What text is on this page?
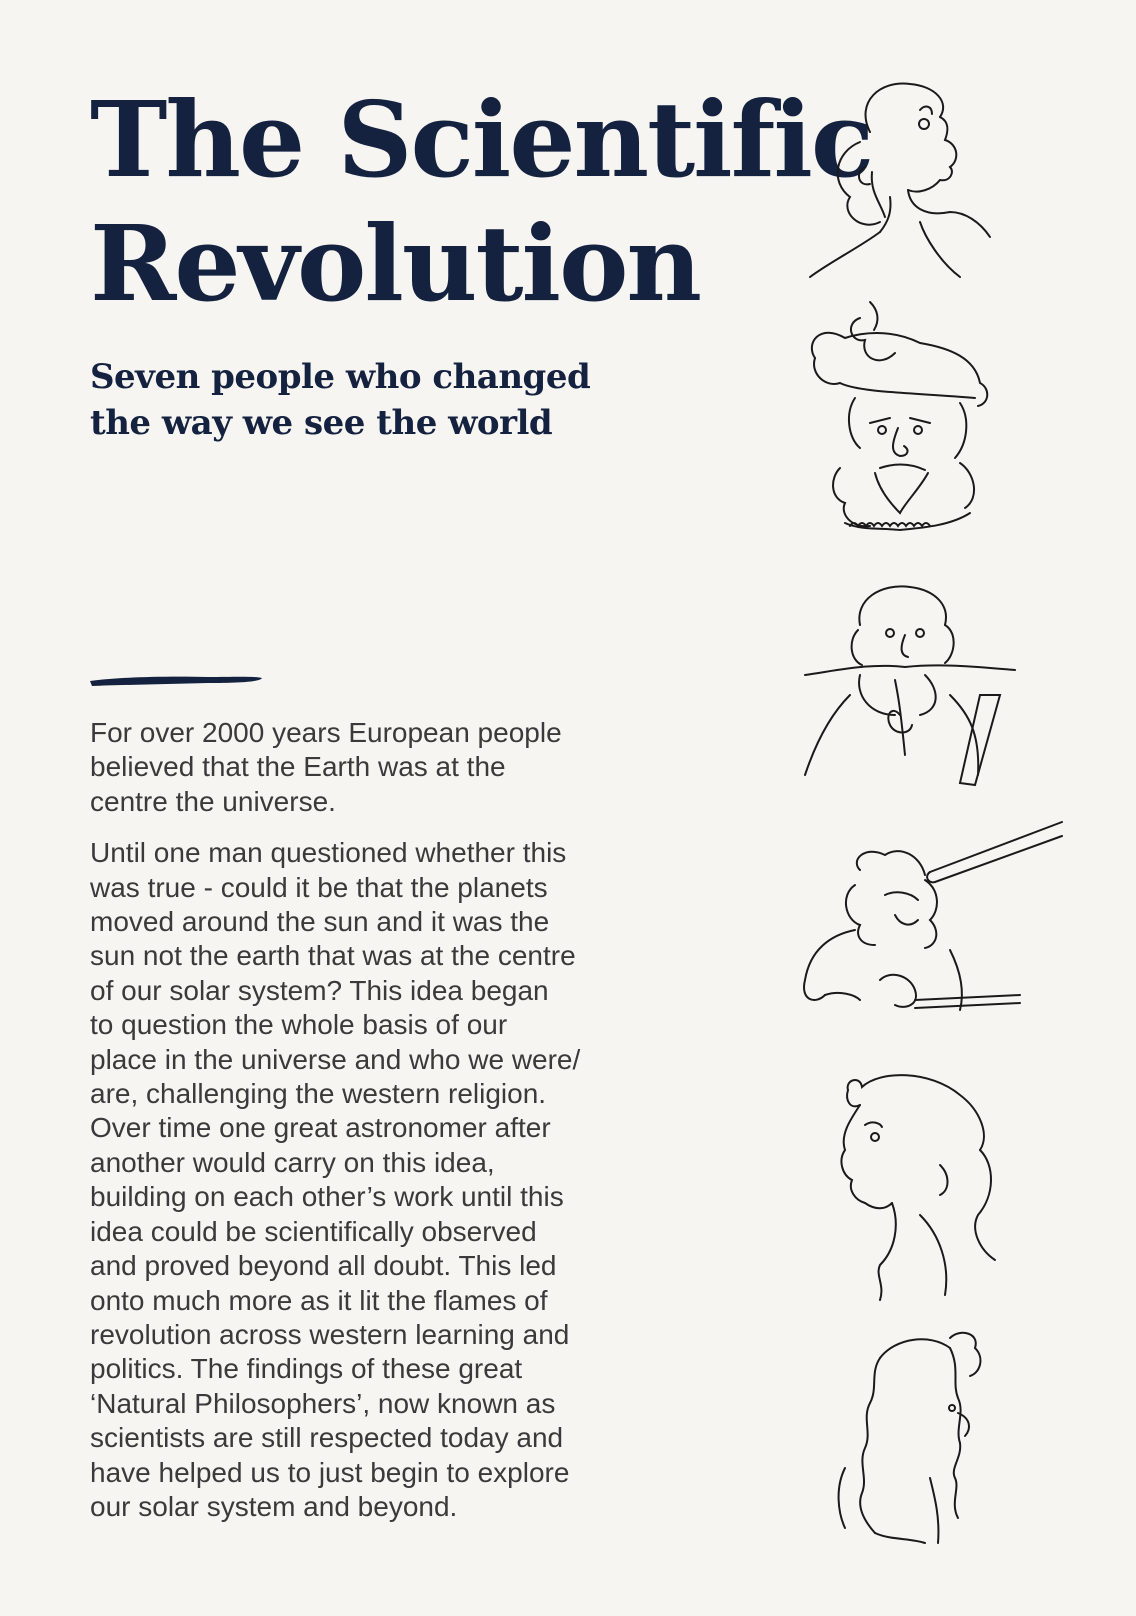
The Scientific
Revolution
Seven people who changed
the way we see the world

For over 2000 years European people
believed that the Earth was at the
centre the universe.

Until one man questioned whether this
was true - could it be that the planets
moved around the sun and it was the
sun not the earth that was at the centre
of our solar system? This idea began
to question the whole basis of our
place in the universe and who we were/
are, challenging the western religion.
Over time one great astronomer after
another would carry on this idea,
building on each other’s work until this
idea could be scientifically observed
and proved beyond all doubt. This led
onto much more as it lit the flames of
revolution across western learning and
politics. The findings of these great
‘Natural Philosophers’, now known as
scientists are still respected today and
have helped us to just begin to explore
our solar system and beyond.
